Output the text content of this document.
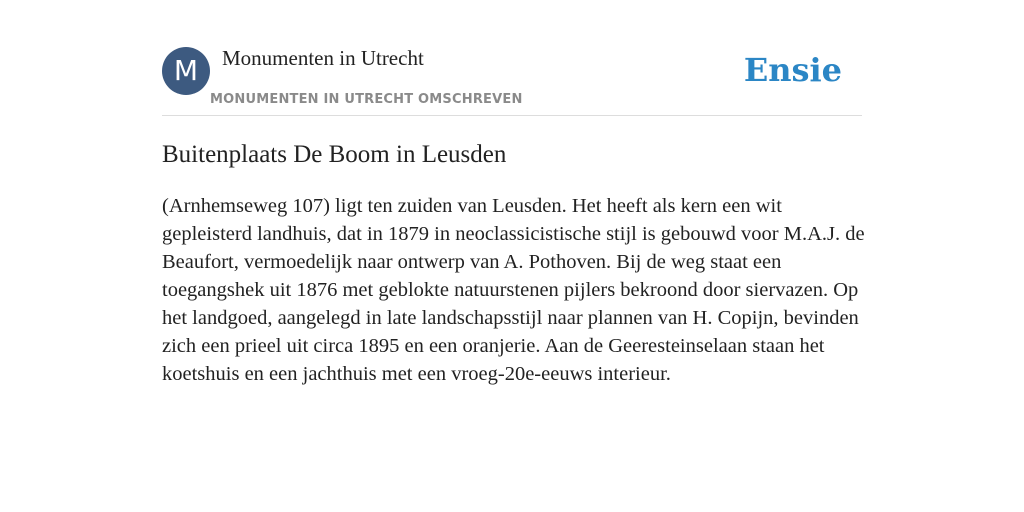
M	Monumenten in Utrecht
MONUMENTEN IN UTRECHT OMSCHREVEN
Ensie
Buitenplaats De Boom in Leusden

(Arnhemseweg 107) ligt ten zuiden van Leusden. Het heeft als kern een wit gepleisterd landhuis, dat in 1879 in neoclassicistische stijl is gebouwd voor M.A.J. de Beaufort, vermoedelijk naar ontwerp van A. Pothoven. Bij de weg staat een toegangshek uit 1876 met geblokte natuurstenen pijlers bekroond door siervazen. Op het landgoed, aangelegd in late landschapsstijl naar plannen van H. Copijn, bevinden zich een prieel uit circa 1895 en een oranjerie. Aan de Geeresteinselaan staan het koetshuis en een jachthuis met een vroeg-20e-eeuws interieur.
